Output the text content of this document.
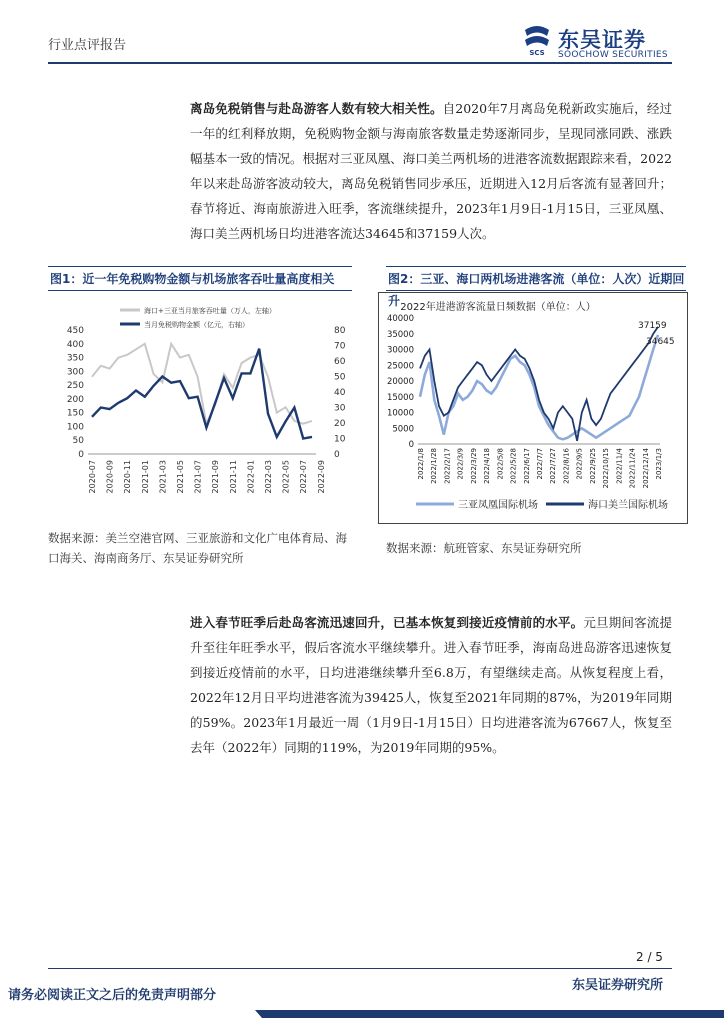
行业点评报告	SCS
东吴证券
SOOCHOW SECURITIES
离岛免税销售与赴岛游客人数有较大相关性。自2020年7月离岛免税新政实施后，经过一年的红利释放期，免税购物金额与海南旅客数量走势逐渐同步，呈现同涨同跌、涨跌幅基本一致的情况。根据对三亚凤凰、海口美兰两机场的进港客流数据跟踪来看，2022年以来赴岛游客波动较大，离岛免税销售同步承压，近期进入12月后客流有显著回升；春节将近、海南旅游进入旺季，客流继续提升，2023年1月9日-1月15日，三亚凤凰、海口美兰两机场日均进港客流达34645和37159人次。
图1：近一年免税购物金额与机场旅客吞吐量高度相关
海口+三亚当月旅客吞吐量（万人，左轴）
当月免税购物金额（亿元，右轴）
0
50
100
150
200
250
300
350
400
450
0
10
20
30
40
50
60
70
80
2020-07 2020-09 2020-11 2021-01 2021-03 2021-05 2021-07 2021-09 2021-11 2022-01 2022-03 2022-05 2022-07 2022-09
数据来源：美兰空港官网、三亚旅游和文化广电体育局、海口海关、海南商务厅、东吴证券研究所
图2：三亚、海口两机场进港客流（单位：人次）近期回升 2022年进港游客流量日频数据（单位：人）
0
5000
10000
15000
20000
25000
30000
35000
40000
2022/1/8 2022/1/28 2022/2/17 2022/3/9 2022/3/29 2022/4/18 2022/5/8 2022/5/28 2022/6/17 2022/7/7 2022/7/27 2022/8/16 2022/9/5 2022/9/25 2022/10/15 2022/11/4 2022/11/24 2022/12/14 2023/1/3
37159
34645
三亚凤凰国际机场	海口美兰国际机场
数据来源：航班管家、东吴证券研究所
进入春节旺季后赴岛客流迅速回升，已基本恢复到接近疫情前的水平。元旦期间客流提升至往年旺季水平，假后客流水平继续攀升。进入春节旺季，海南岛进岛游客迅速恢复到接近疫情前的水平，日均进港继续攀升至6.8万，有望继续走高。从恢复程度上看，2022年12月日平均进港客流为39425人，恢复至2021年同期的87%，为2019年同期的59%。2023年1月最近一周（1月9日-1月15日）日均进港客流为67667人，恢复至去年（2022年）同期的119%，为2019年同期的95%。
2 / 5
东吴证券研究所
请务必阅读正文之后的免责声明部分
